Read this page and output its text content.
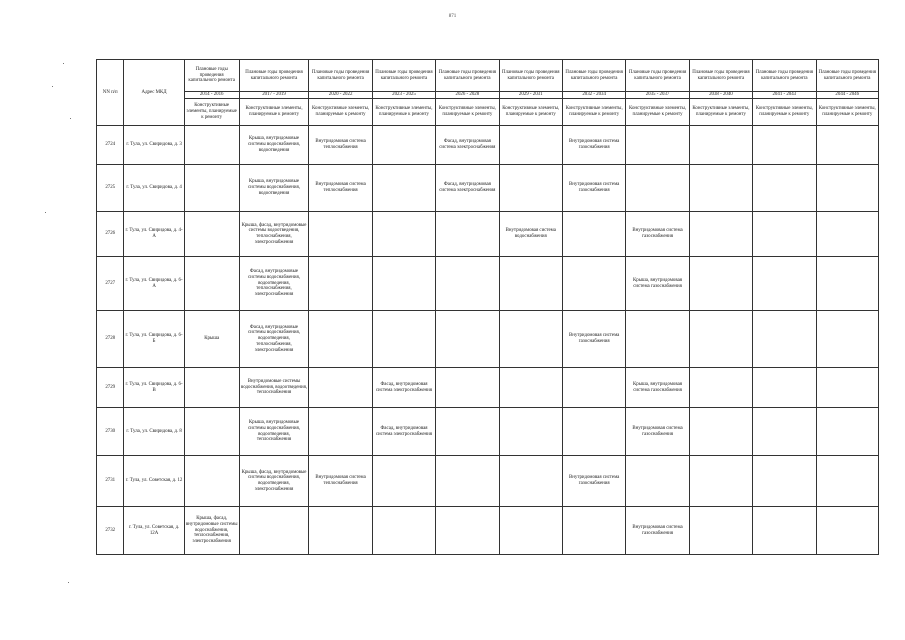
871
NN п/п	Адрес МКД	Плановые годы проведения капитального ремонта	Плановые годы проведения капитального ремонта	Плановые годы проведения капитального ремонта	Плановые годы проведения капитального ремонта	Плановые годы проведения капитального ремонта	Плановые годы проведения капитального ремонта	Плановые годы проведения капитального ремонта	Плановые годы проведения капитального ремонта	Плановые годы проведения капитального ремонта	Плановые годы проведения капитального ремонта	Плановые годы проведения капитального ремонта
		2014 - 2016	2017 - 2019	2020 - 2022	2023 - 2025	2026 - 2028	2029 - 2031	2032 - 2034	2035 - 2037	2038 - 2040	2041 - 2043	2044 - 2046
		Конструктивные элементы, планируемые к ремонту	Конструктивные элементы, планируемые к ремонту	Конструктивные элементы, планируемые к ремонту	Конструктивные элементы, планируемые к ремонту	Конструктивные элементы, планируемые к ремонту	Конструктивные элементы, планируемые к ремонту	Конструктивные элементы, планируемые к ремонту	Конструктивные элементы, планируемые к ремонту	Конструктивные элементы, планируемые к ремонту	Конструктивные элементы, планируемые к ремонту	Конструктивные элементы, планируемые к ремонту
2724	г. Тула, ул. Свиридова, д. 3		Крыша, внутридомовые системы водоснабжения, водоотведения	Внутридомовая система теплоснабжения		Фасад, внутридомовая система электроснабжения		Внутридомовая система газоснабжения				
2725	г. Тула, ул. Свиридова, д. 4		Крыша, внутридомовые системы водоснабжения, водоотведения	Внутридомовая система теплоснабжения		Фасад, внутридомовая система электроснабжения		Внутридомовая система газоснабжения				
2726	г. Тула, ул. Свиридова, д. 4-А		Крыша, фасад, внутридомовые системы водоотведения, теплоснабжения, электроснабжения				Внутридомовая система водоснабжения		Внутридомовая система газоснабжения			
2727	г. Тула, ул. Свиридова, д. 6-А		Фасад, внутридомовые системы водоснабжения, водоотведения, теплоснабжения, электроснабжения						Крыша, внутридомовая система газоснабжения			
2728	г. Тула, ул. Свиридова, д. 6-Б	Крыша	Фасад, внутридомовые системы водоснабжения, водоотведения, теплоснабжения, электроснабжения					Внутридомовая система газоснабжения				
2729	г. Тула, ул. Свиридова, д. 6-В		Внутридомовые системы водоснабжения, водоотведения, теплоснабжения		Фасад, внутридомовая система электроснабжения				Крыша, внутридомовая система газоснабжения			
2730	г. Тула, ул. Свиридова, д. 8		Крыша, внутридомовые системы водоснабжения, водоотведения, теплоснабжения		Фасад, внутридомовая система электроснабжения				Внутридомовая система газоснабжения			
2731	г. Тула, ул. Советская, д. 12		Крыша, фасад, внутридомовые системы водоснабжения, водоотведения, электроснабжения	Внутридомовая система теплоснабжения				Внутридомовая система газоснабжения				
2732	г. Тула, ул. Советская, д. 12А	Крыша, фасад, внутридомовые системы водоснабжения, теплоснабжения, электроснабжения							Внутридомовая система газоснабжения			
